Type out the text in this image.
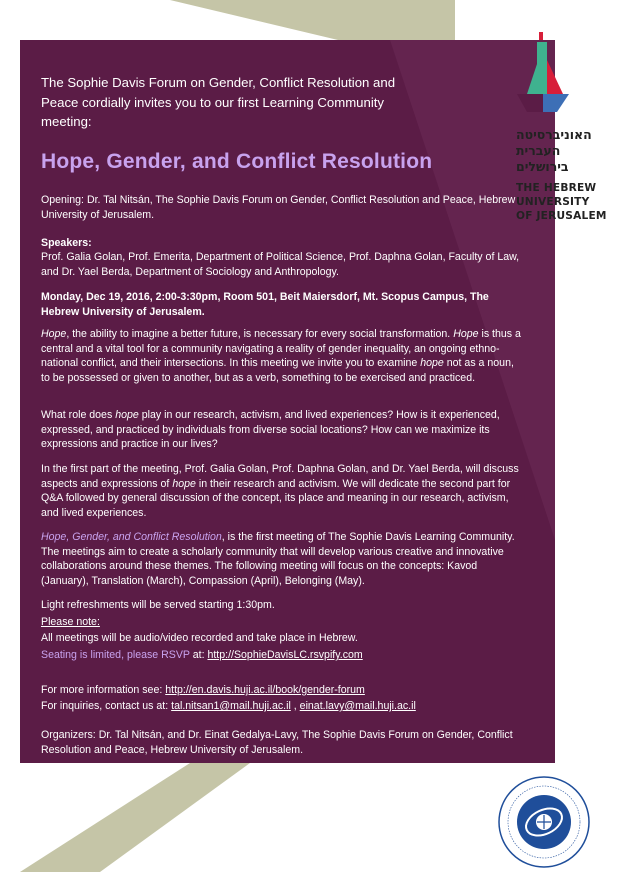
The Sophie Davis Forum on Gender, Conflict Resolution and Peace cordially invites you to our first Learning Community meeting:
Hope, Gender, and Conflict Resolution
Opening: Dr. Tal Nitsán, The Sophie Davis Forum on Gender, Conflict Resolution and Peace, Hebrew University of Jerusalem.
Speakers:
Prof. Galia Golan, Prof. Emerita, Department of Political Science, Prof. Daphna Golan, Faculty of Law, and Dr. Yael Berda, Department of Sociology and Anthropology.
Monday, Dec 19, 2016, 2:00-3:30pm, Room 501, Beit Maiersdorf, Mt. Scopus Campus, The Hebrew University of Jerusalem.
Hope, the ability to imagine a better future, is necessary for every social transformation. Hope is thus a central and a vital tool for a community navigating a reality of gender inequality, an ongoing ethno-national conflict, and their intersections. In this meeting we invite you to examine hope not as a noun, to be possessed or given to another, but as a verb, something to be exercised and practiced.
What role does hope play in our research, activism, and lived experiences? How is it experienced, expressed, and practiced by individuals from diverse social locations? How can we maximize its expressions and practice in our lives?
In the first part of the meeting, Prof. Galia Golan, Prof. Daphna Golan, and Dr. Yael Berda, will discuss aspects and expressions of hope in their research and activism. We will dedicate the second part for Q&A followed by general discussion of the concept, its place and meaning in our research, activism, and lived experiences.
Hope, Gender, and Conflict Resolution, is the first meeting of The Sophie Davis Learning Community. The meetings aim to create a scholarly community that will develop various creative and innovative collaborations around these themes. The following meeting will focus on the concepts: Kavod (January), Translation (March), Compassion (April), Belonging (May).
Light refreshments will be served starting 1:30pm.
Please note:
All meetings will be audio/video recorded and take place in Hebrew.
Seating is limited, please RSVP at: http://SophieDavisLC.rsvpify.com
For more information see: http://en.davis.huji.ac.il/book/gender-forum
For inquiries, contact us at: tal.nitsan1@mail.huji.ac.il , einat.lavy@mail.huji.ac.il
Organizers: Dr. Tal Nitsán, and Dr. Einat Gedalya-Lavy, The Sophie Davis Forum on Gender, Conflict Resolution and Peace, Hebrew University of Jerusalem.
האוניברסיטה
העברית
בירושלים
THE HEBREW
UNIVERSITY
OF JERUSALEM
